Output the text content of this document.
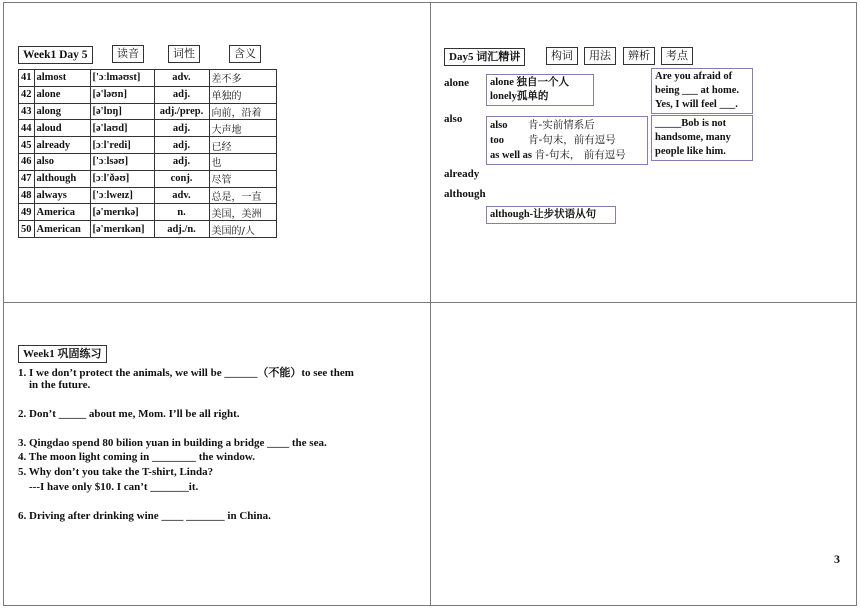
Week1 Day 5	读音	词性	含义
41	almost	['ɔːlməʊst]	adv.	差不多
42	alone	[ə'ləʊn]	adj.	单独的
43	along	[ə'lɒŋ]	adj./prep.	向前，沿着
44	aloud	[ə'laʊd]	adj.	大声地
45	already	[ɔːl'redi]	adj.	已经
46	also	['ɔːlsəʊ]	adj.	也
47	although	[ɔːl'ðəʊ]	conj.	尽管
48	always	['ɔːlweɪz]	adv.	总是，一直
49	America	[ə'merɪkə]	n.	美国，美洲
50	American	[ə'merɪkən]	adj./n.	美国的/人
Day5 词汇精讲	构词	用法	辨析	考点
alone
also
already
although
alone 独自一个人
lonely孤单的
Are you afraid of
being ___ at home.
Yes, I will feel ___.
also 肯-实前情系后
too 肯-句末，前有逗号
as well as 肯-句末， 前有逗号
_____Bob is not
handsome, many
people like him.
although-让步状语从句
Week1 巩固练习
1. I we don’t protect the animals, we will be ______（不能）to see them
in the future.
2. Don’t _____ about me, Mom. I’ll be all right.
3. Qingdao spend 80 bilion yuan in building a bridge ____ the sea.
4. The moon light coming in ________ the window.
5. Why don’t you take the T-shirt, Linda?
---I have only $10. I can’t _______it.
6. Driving after drinking wine ____ _______ in China.
3
